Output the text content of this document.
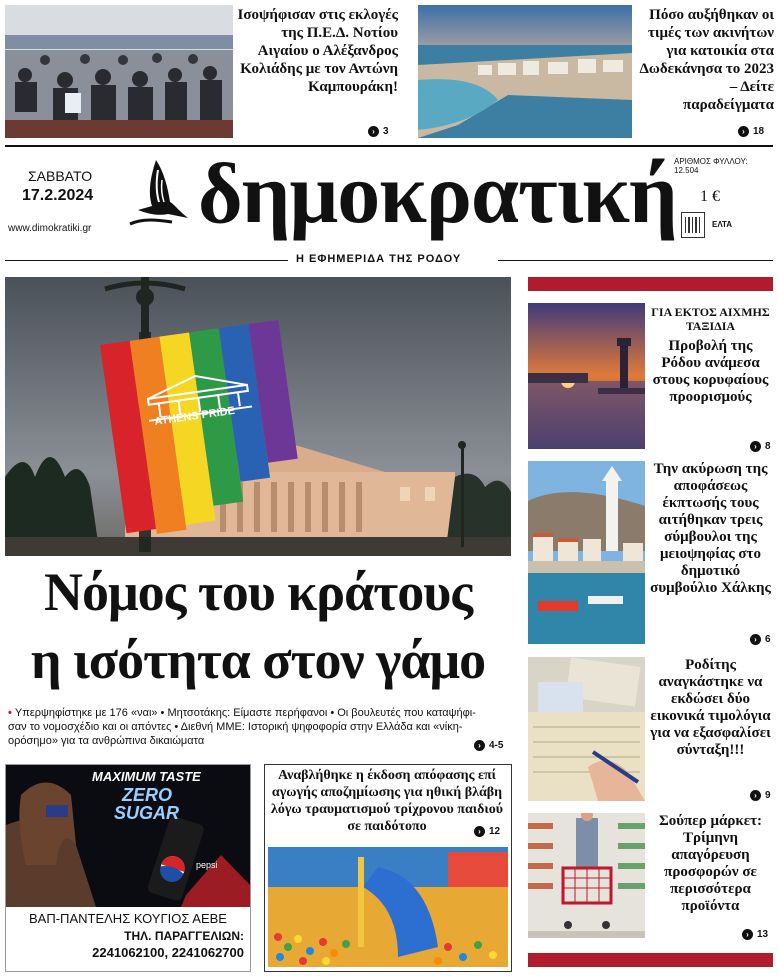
Ισοψήφισαν στις εκλογές της Π.Ε.Δ. Νοτίου Αιγαίου ο Αλέξανδρος Κολιάδης με τον Αντώνη Καμπουράκη!
› 3
Πόσο αυξήθηκαν οι τιμές των ακινήτων για κατοικία στα Δωδεκάνησα το 2023 – Δείτε παραδείγματα
› 18
ΣΑΒΒΑΤΟ
17.2.2024
www.dimokratiki.gr δημοκρατική
ΑΡΙΘΜΟΣ ΦΥΛΛΟΥ: 12.504
1 €
ΕΛΤΑ
Η ΕΦΗΜΕΡΙΔΑ ΤΗΣ ΡΟΔΟΥ
ATHENS PRIDE
Νόμος του κράτους
η ισότητα στον γάμο
• Υπερψηφίστηκε με 176 «ναι» • Μητσοτάκης: Είμαστε περήφανοι • Οι βουλευτές που καταψήφι-
σαν το νομοσχέδιο και οι απόντες • Διεθνή ΜΜΕ: Ιστορική ψηφοφορία στην Ελλάδα και «νίκη-
ορόσημο» για τα ανθρώπινα δικαιώματα	› 4-5
MAXIMUM TASTE
ZERO
SUGAR
pepsi
ΒΑΠ-ΠΑΝΤΕΛΗΣ ΚΟΥΓΙΟΣ ΑΕΒΕ
ΤΗΛ. ΠΑΡΑΓΓΕΛΙΩΝ:
2241062100, 2241062700
Αναβλήθηκε η έκδοση απόφασης επί αγωγής αποζημίωσης για ηθική βλάβη λόγω τραυματισμού τρίχρονου παιδιού σε παιδότοπο	› 12
ΓΙΑ ΕΚΤΟΣ ΑΙΧΜΗΣ ΤΑΞΙΔΙΑ
Προβολή της Ρόδου ανάμεσα στους κορυφαίους προορισμούς
› 8
Την ακύρωση της αποφάσεως έκπτωσής τους αιτήθηκαν τρεις σύμβουλοι της μειοψηφίας στο δημοτικό συμβούλιο Χάλκης
› 6
Ροδίτης αναγκάστηκε να εκδώσει δύο εικονικά τιμολόγια για να εξασφαλίσει σύνταξη!!!
› 9
Σούπερ μάρκετ: Τρίμηνη απαγόρευση προσφορών σε περισσότερα προϊόντα
› 13
